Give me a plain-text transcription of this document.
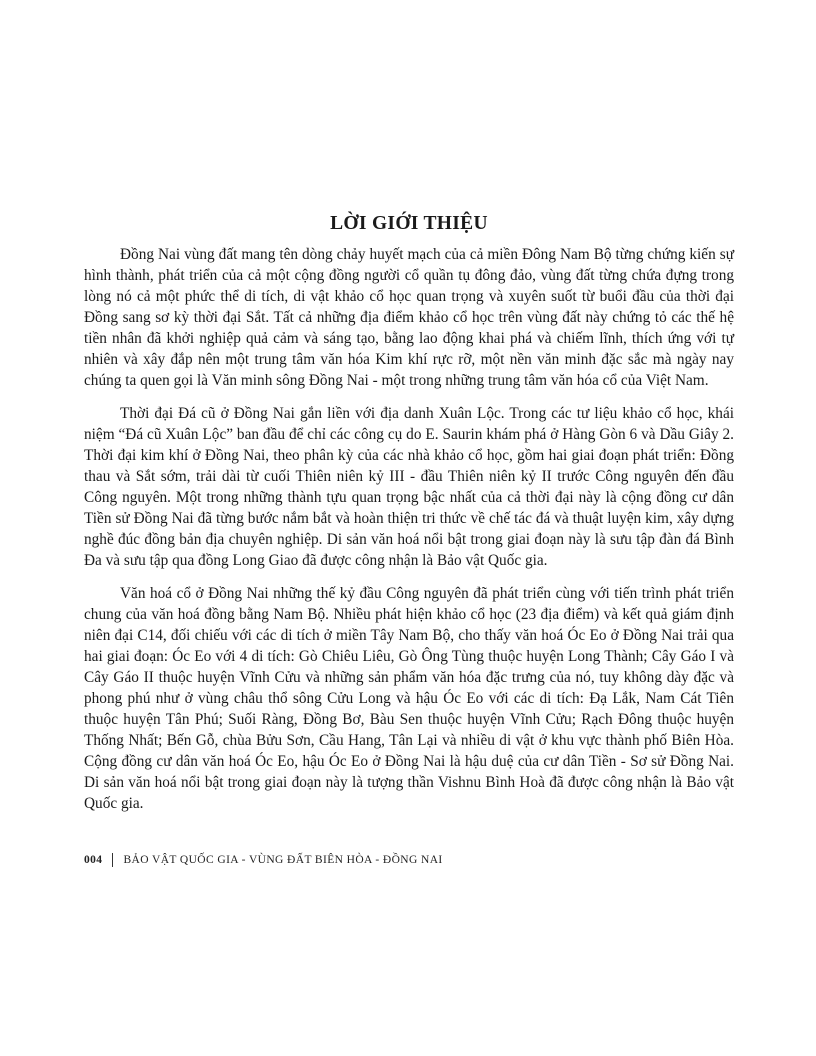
LỜI GIỚI THIỆU

Đồng Nai vùng đất mang tên dòng chảy huyết mạch của cả miền Đông Nam Bộ từng chứng kiến sự hình thành, phát triển của cả một cộng đồng người cổ quần tụ đông đảo, vùng đất từng chứa đựng trong lòng nó cả một phức thể di tích, di vật khảo cổ học quan trọng và xuyên suốt từ buổi đầu của thời đại Đồng sang sơ kỳ thời đại Sắt. Tất cả những địa điểm khảo cổ học trên vùng đất này chứng tỏ các thế hệ tiền nhân đã khởi nghiệp quả cảm và sáng tạo, bằng lao động khai phá và chiếm lĩnh, thích ứng với tự nhiên và xây đắp nên một trung tâm văn hóa Kim khí rực rỡ, một nền văn minh đặc sắc mà ngày nay chúng ta quen gọi là Văn minh sông Đồng Nai - một trong những trung tâm văn hóa cổ của Việt Nam.

Thời đại Đá cũ ở Đồng Nai gắn liền với địa danh Xuân Lộc. Trong các tư liệu khảo cổ học, khái niệm “Đá cũ Xuân Lộc” ban đầu để chỉ các công cụ do E. Saurin khám phá ở Hàng Gòn 6 và Dầu Giây 2. Thời đại kim khí ở Đồng Nai, theo phân kỳ của các nhà khảo cổ học, gồm hai giai đoạn phát triển: Đồng thau và Sắt sớm, trải dài từ cuối Thiên niên kỷ III - đầu Thiên niên kỷ II trước Công nguyên đến đầu Công nguyên. Một trong những thành tựu quan trọng bậc nhất của cả thời đại này là cộng đồng cư dân Tiền sử Đồng Nai đã từng bước nắm bắt và hoàn thiện tri thức về chế tác đá và thuật luyện kim, xây dựng nghề đúc đồng bản địa chuyên nghiệp. Di sản văn hoá nổi bật trong giai đoạn này là sưu tập đàn đá Bình Đa và sưu tập qua đồng Long Giao đã được công nhận là Bảo vật Quốc gia.

Văn hoá cổ ở Đồng Nai những thế kỷ đầu Công nguyên đã phát triển cùng với tiến trình phát triển chung của văn hoá đồng bằng Nam Bộ. Nhiều phát hiện khảo cổ học (23 địa điểm) và kết quả giám định niên đại C14, đối chiếu với các di tích ở miền Tây Nam Bộ, cho thấy văn hoá Óc Eo ở Đồng Nai trải qua hai giai đoạn: Óc Eo với 4 di tích: Gò Chiêu Liêu, Gò Ông Tùng thuộc huyện Long Thành; Cây Gáo I và Cây Gáo II thuộc huyện Vĩnh Cửu và những sản phẩm văn hóa đặc trưng của nó, tuy không dày đặc và phong phú như ở vùng châu thổ sông Cửu Long và hậu Óc Eo với các di tích: Đạ Lắk, Nam Cát Tiên thuộc huyện Tân Phú; Suối Ràng, Đồng Bơ, Bàu Sen thuộc huyện Vĩnh Cửu; Rạch Đông thuộc huyện Thống Nhất; Bến Gỗ, chùa Bửu Sơn, Cầu Hang, Tân Lại và nhiều di vật ở khu vực thành phố Biên Hòa. Cộng đồng cư dân văn hoá Óc Eo, hậu Óc Eo ở Đồng Nai là hậu duệ của cư dân Tiền - Sơ sử Đồng Nai. Di sản văn hoá nổi bật trong giai đoạn này là tượng thần Vishnu Bình Hoà đã được công nhận là Bảo vật Quốc gia.

004 BẢO VẬT QUỐC GIA - VÙNG ĐẤT BIÊN HÒA - ĐỒNG NAI
